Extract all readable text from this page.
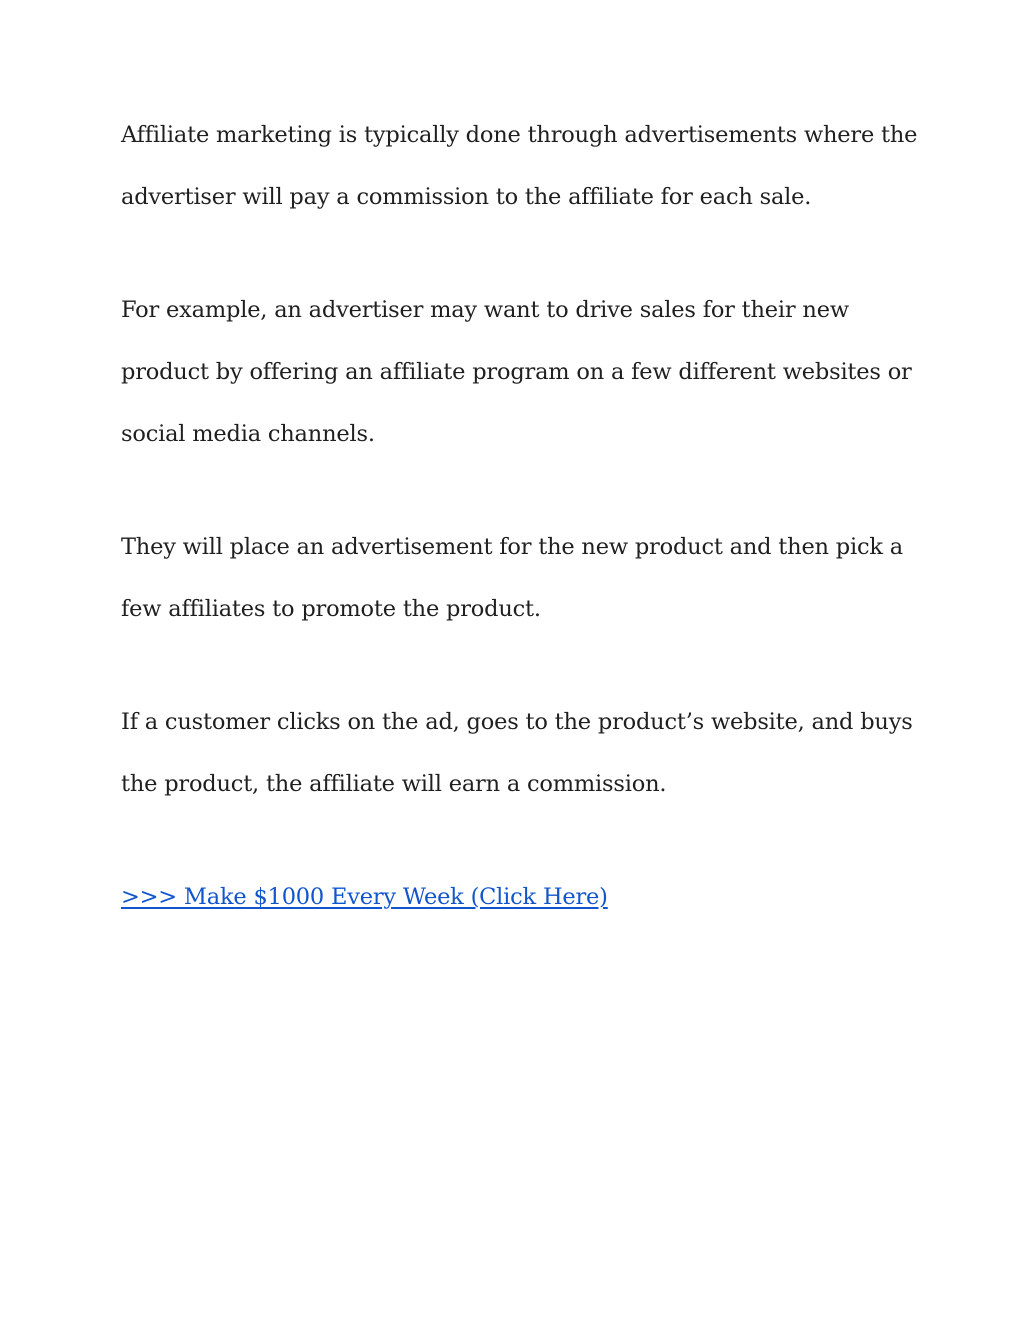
Affiliate marketing is typically done through advertisements where the
advertiser will pay a commission to the affiliate for each sale.

For example, an advertiser may want to drive sales for their new
product by offering an affiliate program on a few different websites or
social media channels.

They will place an advertisement for the new product and then pick a
few affiliates to promote the product.

If a customer clicks on the ad, goes to the product’s website, and buys
the product, the affiliate will earn a commission.

>>> Make $1000 Every Week (Click Here)
